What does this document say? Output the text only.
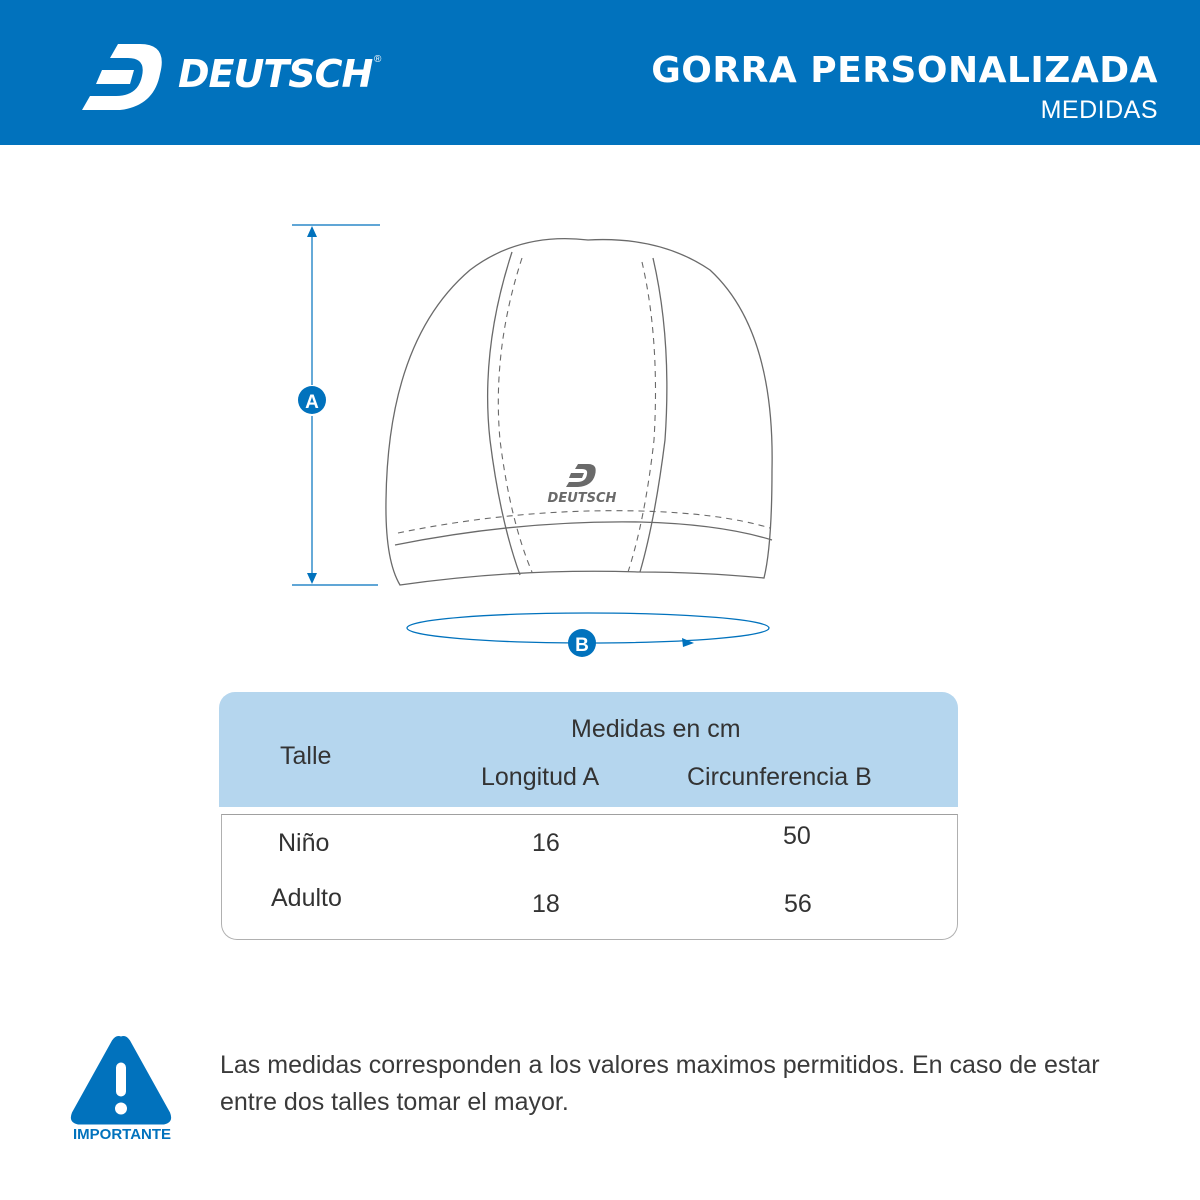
DEUTSCH ®	GORRA PERSONALIZADA
MEDIDAS
A
DEUTSCH
B
Talle
Medidas en cm
Longitud A	Circunferencia B
Niño	16	50
Adulto	18	56
IMPORTANTE
Las medidas corresponden a los valores maximos permitidos. En caso de estar entre dos talles tomar el mayor.
